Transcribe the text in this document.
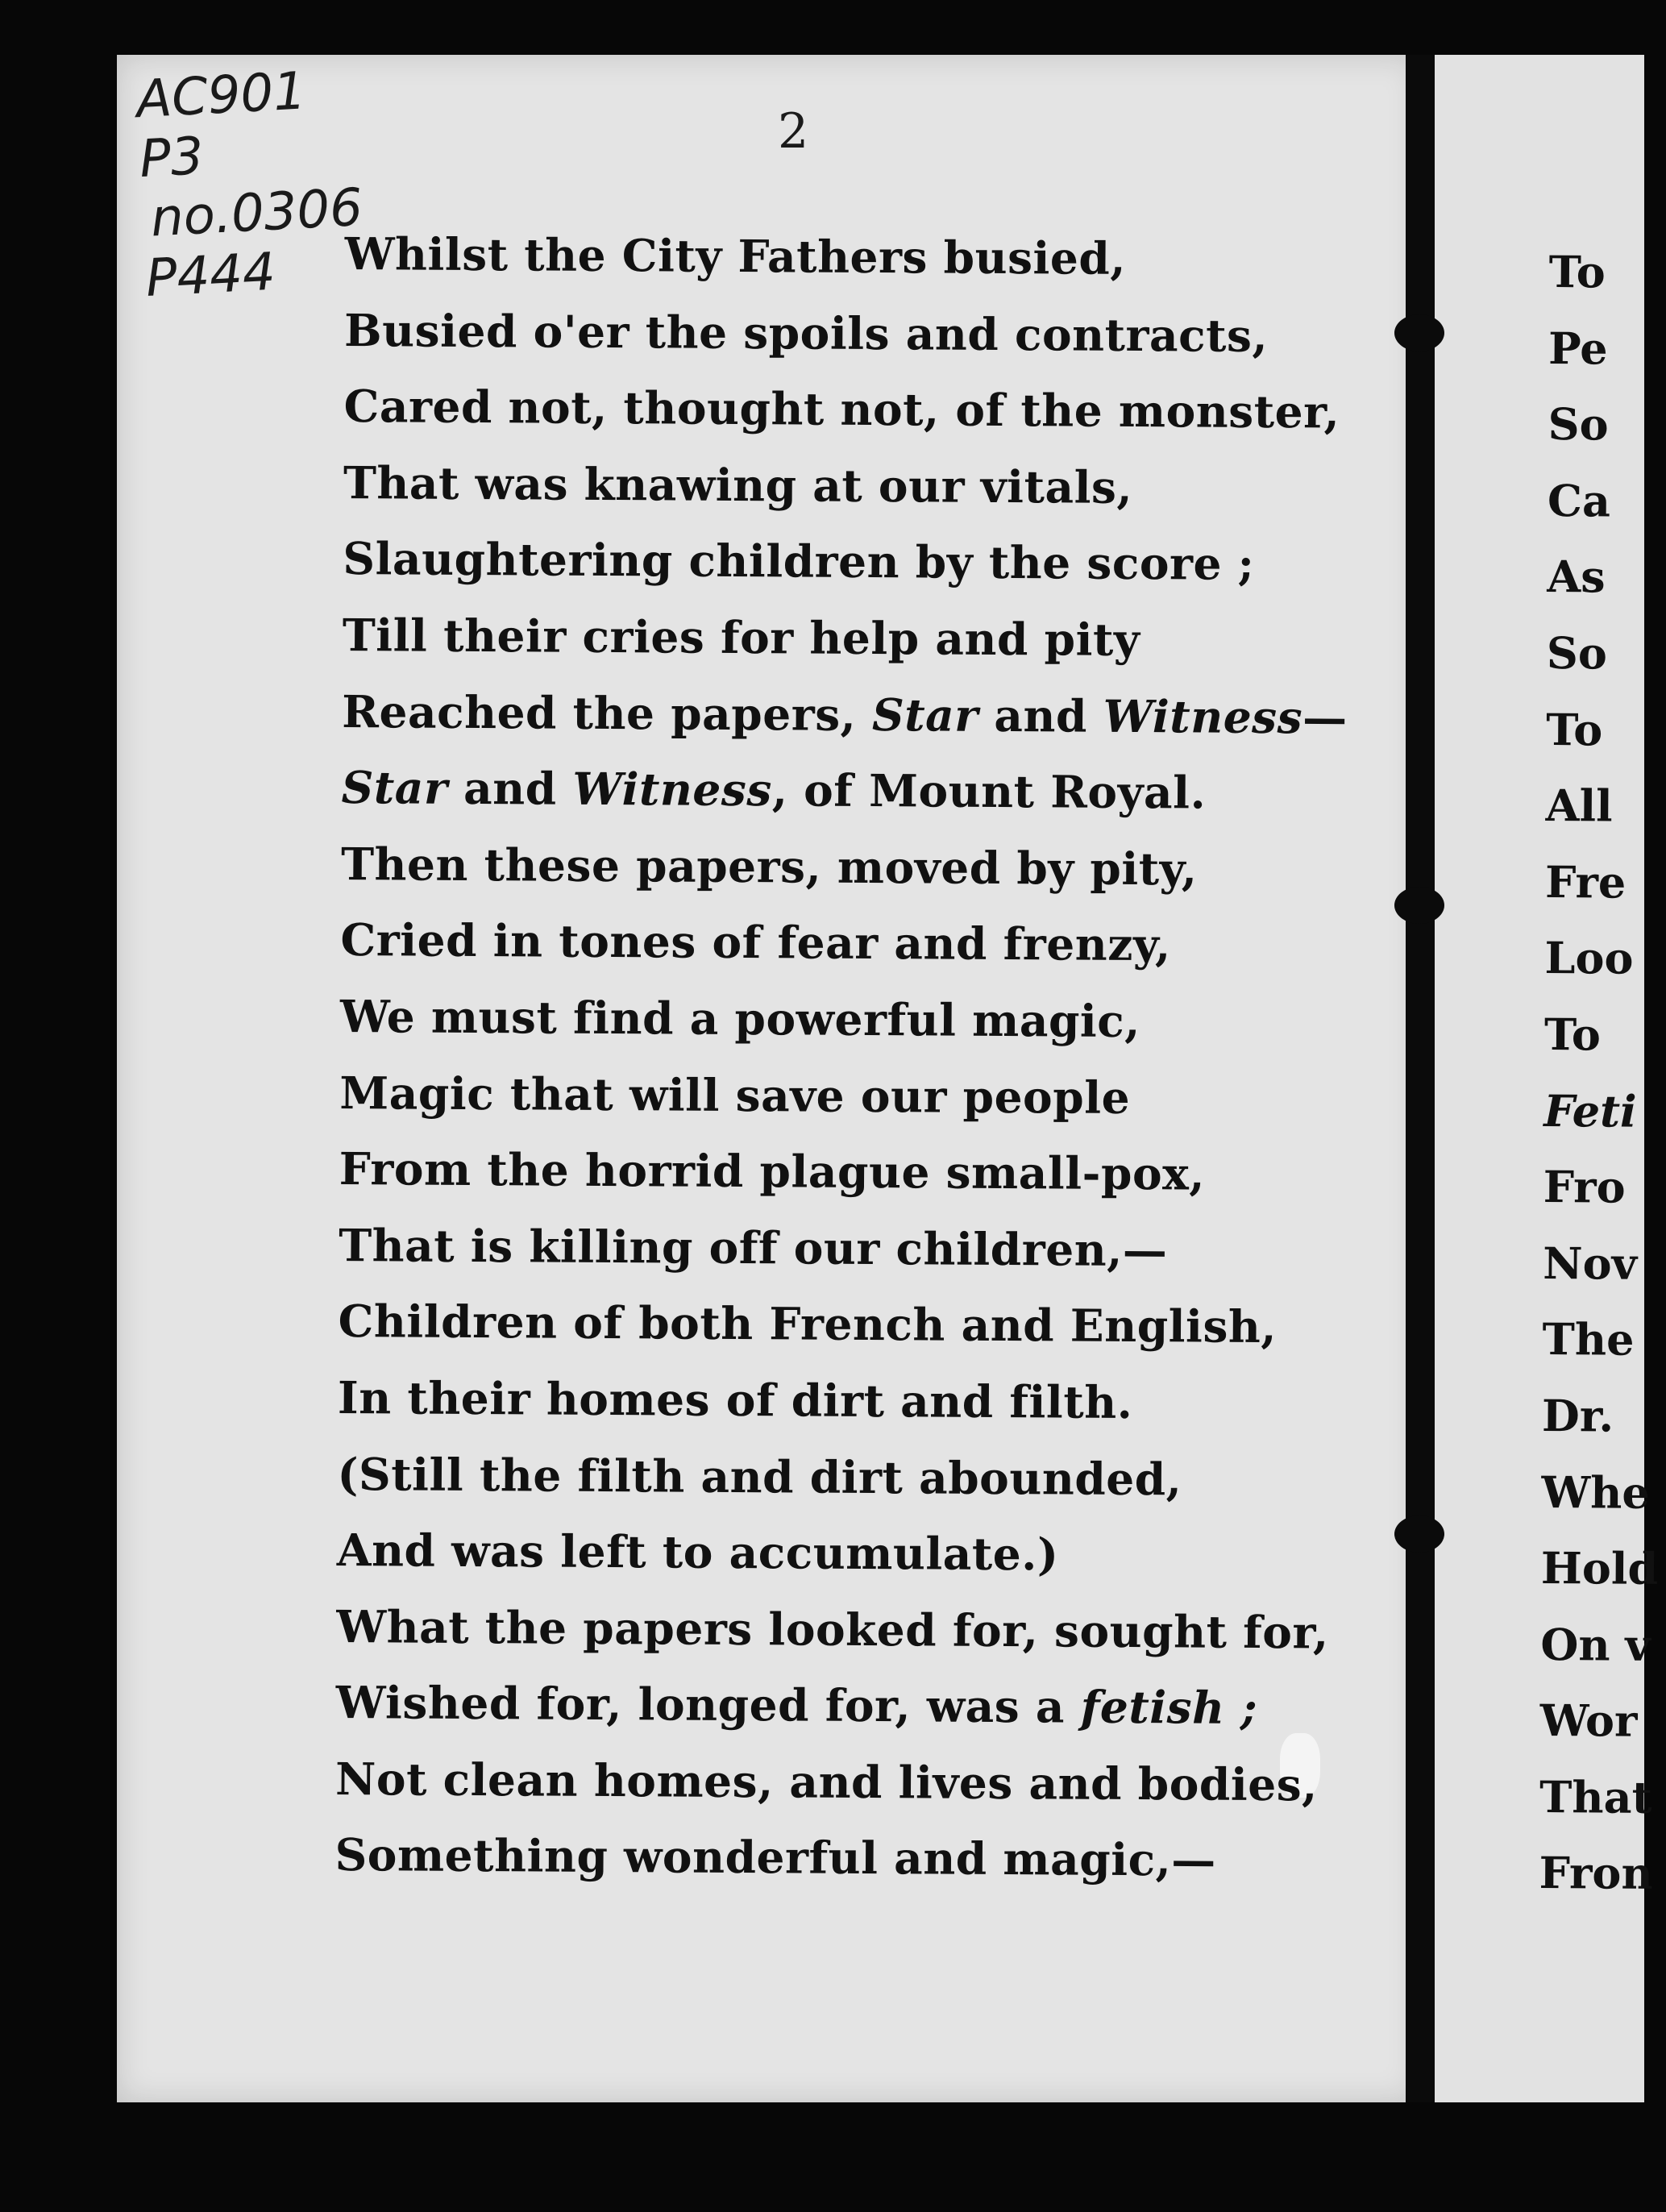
AC901
P3
no.0306
P444
2
Whilst the City Fathers busied,
Busied o'er the spoils and contracts,
Cared not, thought not, of the monster,
That was knawing at our vitals,
Slaughtering children by the score ;
Till their cries for help and pity
Reached the papers, Star and Witness—
Star and Witness, of Mount Royal.
Then these papers, moved by pity,
Cried in tones of fear and frenzy,
We must find a powerful magic,
Magic that will save our people
From the horrid plague small-pox,
That is killing off our children,—
Children of both French and English,
In their homes of dirt and filth.
(Still the filth and dirt abounded,
And was left to accumulate.)
What the papers looked for, sought for,
Wished for, longed for, was a fetish ;
Not clean homes, and lives and bodies,
Something wonderful and magic,—
To
Pe
So
Ca
As
So
To
All
Fre
Loo
To
Feti
Fro
Nov
The
Dr.
Whe
Hold
On v
Wor
That
Fron
